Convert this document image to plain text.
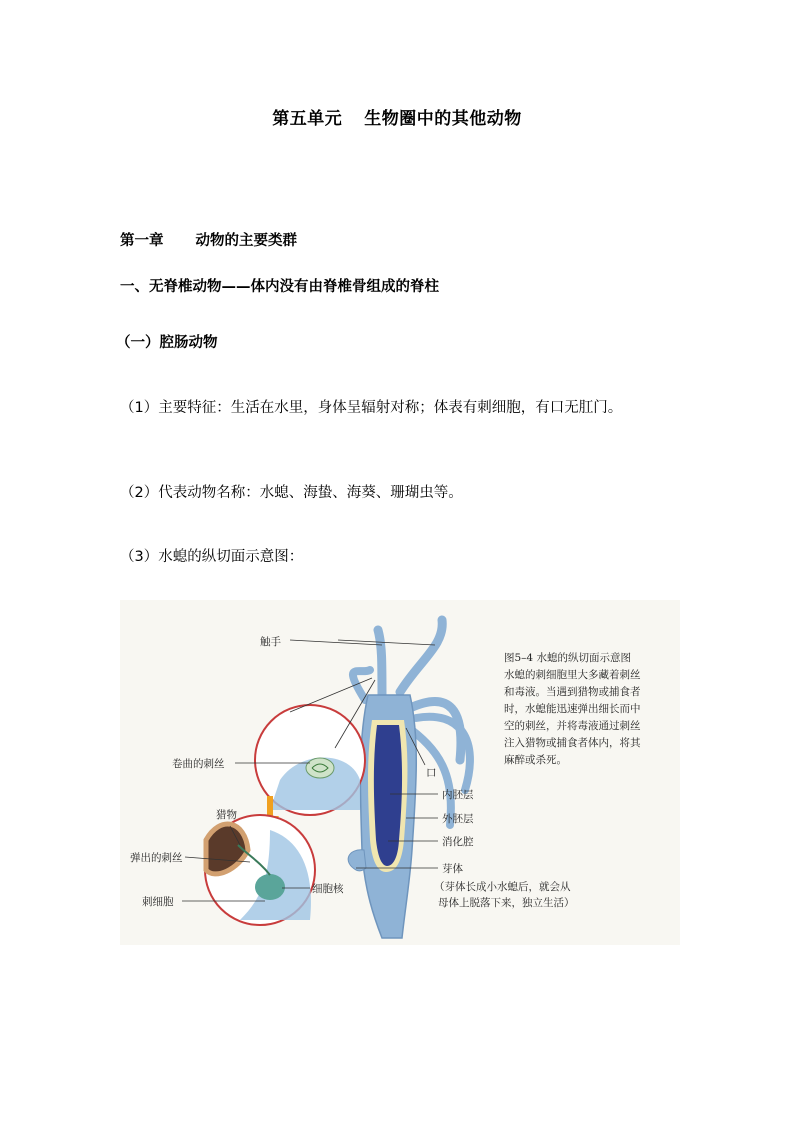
第五单元 生物圈中的其他动物
第一章 动物的主要类群
一、无脊椎动物——体内没有由脊椎骨组成的脊柱
（一）腔肠动物
（1）主要特征：生活在水里，身体呈辐射对称；体表有刺细胞，有口无肛门。
（2）代表动物名称：水螅、海蛰、海葵、珊瑚虫等。
（3）水螅的纵切面示意图：
触手
口
卷曲的刺丝
猎物
弹出的刺丝
刺细胞
细胞核
内胚层
外胚层
消化腔
芽体
（芽体长成小水螅后，就会从
母体上脱落下来，独立生活）
图5–4 水螅的纵切面示意图
水螅的刺细胞里大多藏着刺丝
和毒液。当遇到猎物或捕食者
时，水螅能迅速弹出细长而中
空的刺丝，并将毒液通过刺丝
注入猎物或捕食者体内，将其
麻醉或杀死。
